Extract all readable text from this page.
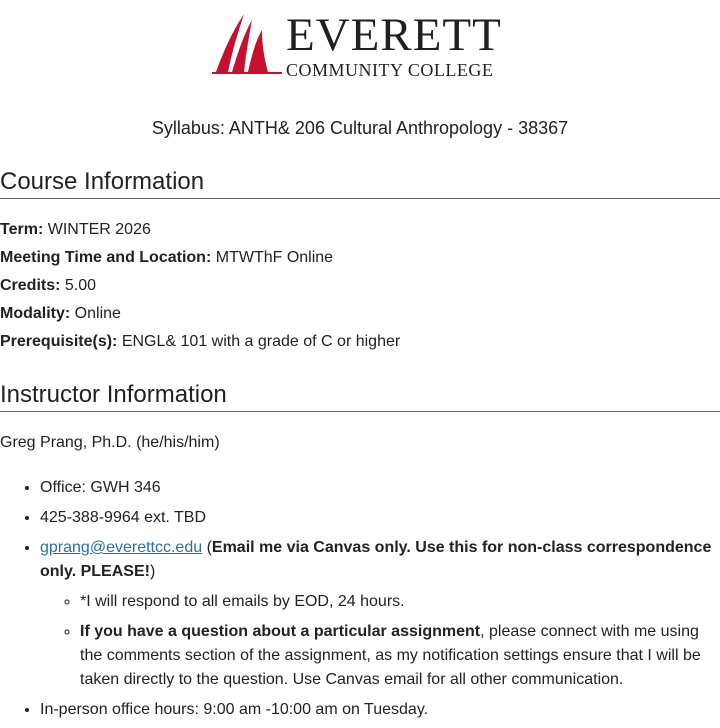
EVERETT
COMMUNITY COLLEGE
Syllabus: ANTH& 206 Cultural Anthropology - 38367
Course Information
Term: WINTER 2026
Meeting Time and Location: MTWThF Online
Credits: 5.00
Modality: Online
Prerequisite(s): ENGL& 101 with a grade of C or higher
Instructor Information
Greg Prang, Ph.D. (he/his/him)
• Office: GWH 346
• 425-388-9964 ext. TBD
• gprang@everettcc.edu (Email me via Canvas only. Use this for non-class correspondence only. PLEASE!)
◦ *I will respond to all emails by EOD, 24 hours.
◦ If you have a question about a particular assignment, please connect with me using the comments section of the assignment, as my notification settings ensure that I will be taken directly to the question. Use Canvas email for all other communication.
• In-person office hours: 9:00 am -10:00 am on Tuesday.
